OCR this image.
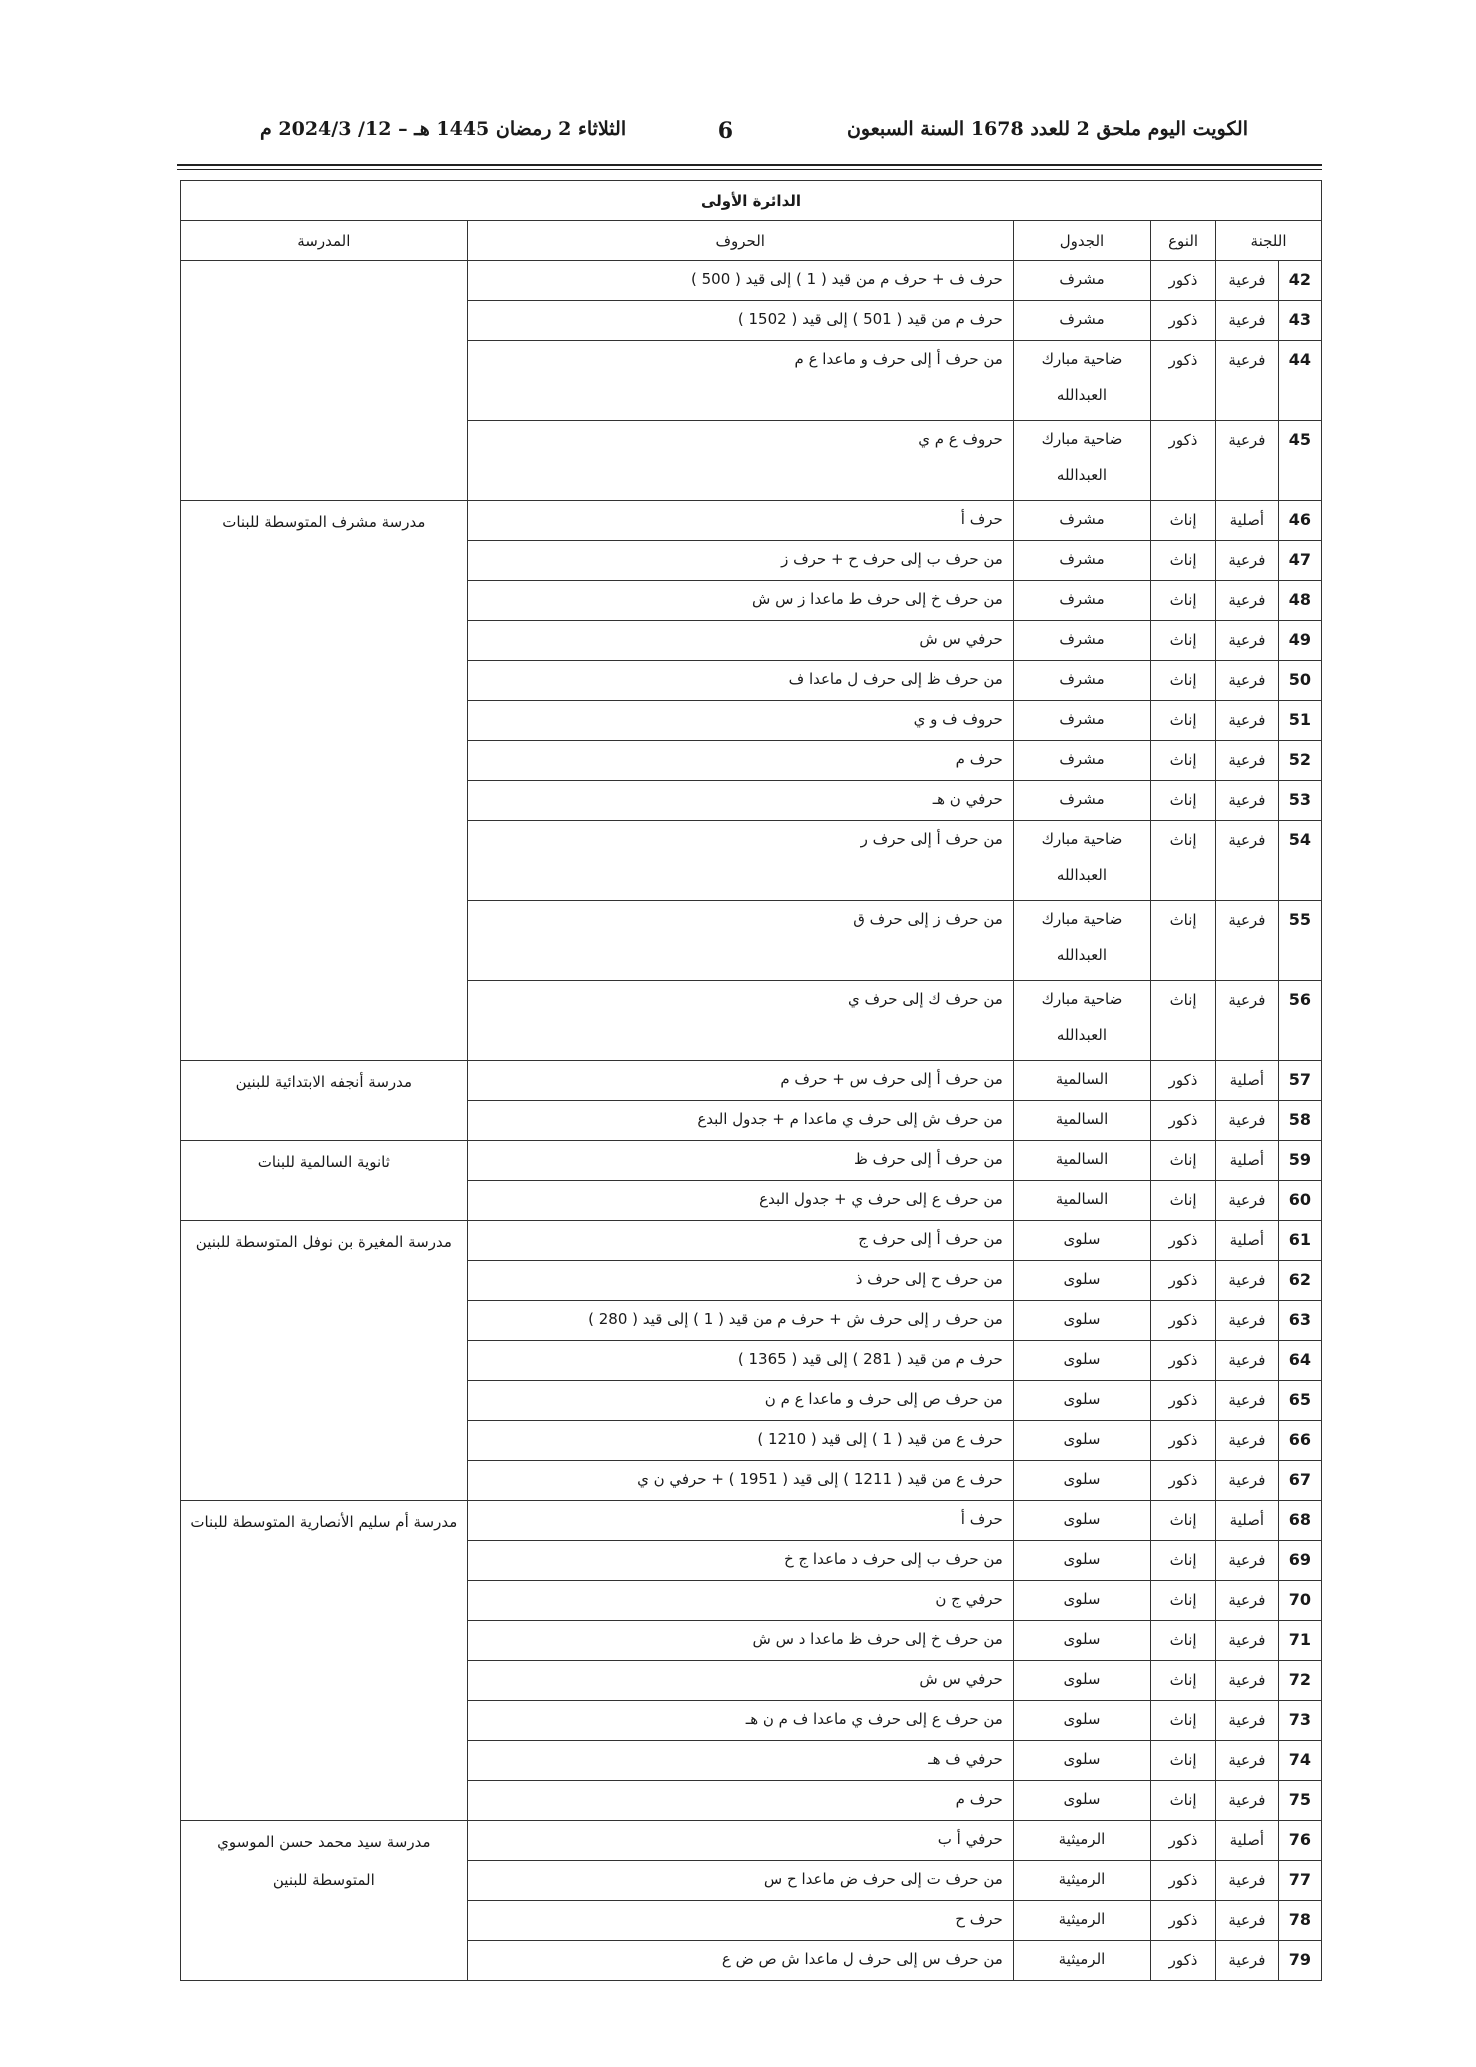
الكويت اليوم ملحق 2 للعدد 1678 السنة السبعون
6
الثلاثاء 2 رمضان 1445 هـ – 12/ 2024/3 م
الدائرة الأولى					
اللجنة		النوع	الجدول	الحروف	المدرسة
42	فرعية	ذكور	مشرف	حرف ف + حرف م من قيد ( 1 ) إلى قيد ( 500 )	
43	فرعية	ذكور	مشرف	حرف م من قيد ( 501 ) إلى قيد ( 1502 )	
44	فرعية	ذكور	ضاحية مبارك العبدالله	من حرف أ إلى حرف و ماعدا ع م	
45	فرعية	ذكور	ضاحية مبارك العبدالله	حروف ع م ي	
46	أصلية	إناث	مشرف	حرف أ	مدرسة مشرف المتوسطة للبنات
47	فرعية	إناث	مشرف	من حرف ب إلى حرف ح + حرف ز	
48	فرعية	إناث	مشرف	من حرف خ إلى حرف ط ماعدا ز س ش	
49	فرعية	إناث	مشرف	حرفي س ش	
50	فرعية	إناث	مشرف	من حرف ظ إلى حرف ل ماعدا ف	
51	فرعية	إناث	مشرف	حروف ف و ي	
52	فرعية	إناث	مشرف	حرف م	
53	فرعية	إناث	مشرف	حرفي ن هـ	
54	فرعية	إناث	ضاحية مبارك العبدالله	من حرف أ إلى حرف ر	
55	فرعية	إناث	ضاحية مبارك العبدالله	من حرف ز إلى حرف ق	
56	فرعية	إناث	ضاحية مبارك العبدالله	من حرف ك إلى حرف ي	
57	أصلية	ذكور	السالمية	من حرف أ إلى حرف س + حرف م	مدرسة أنجفه الابتدائية للبنين
58	فرعية	ذكور	السالمية	من حرف ش إلى حرف ي ماعدا م + جدول البدع	
59	أصلية	إناث	السالمية	من حرف أ إلى حرف ظ	ثانوية السالمية للبنات
60	فرعية	إناث	السالمية	من حرف ع إلى حرف ي + جدول البدع	
61	أصلية	ذكور	سلوى	من حرف أ إلى حرف ج	مدرسة المغيرة بن نوفل المتوسطة للبنين
62	فرعية	ذكور	سلوى	من حرف ح إلى حرف ذ	
63	فرعية	ذكور	سلوى	من حرف ر إلى حرف ش + حرف م من قيد ( 1 ) إلى قيد ( 280 )	
64	فرعية	ذكور	سلوى	حرف م من قيد ( 281 ) إلى قيد ( 1365 )	
65	فرعية	ذكور	سلوى	من حرف ص إلى حرف و ماعدا ع م ن	
66	فرعية	ذكور	سلوى	حرف ع من قيد ( 1 ) إلى قيد ( 1210 )	
67	فرعية	ذكور	سلوى	حرف ع من قيد ( 1211 ) إلى قيد ( 1951 ) + حرفي ن ي	
68	أصلية	إناث	سلوى	حرف أ	مدرسة أم سليم الأنصارية المتوسطة للبنات
69	فرعية	إناث	سلوى	من حرف ب إلى حرف د ماعدا ج خ	
70	فرعية	إناث	سلوى	حرفي ج ن	
71	فرعية	إناث	سلوى	من حرف خ إلى حرف ظ ماعدا د س ش	
72	فرعية	إناث	سلوى	حرفي س ش	
73	فرعية	إناث	سلوى	من حرف ع إلى حرف ي ماعدا ف م ن هـ	
74	فرعية	إناث	سلوى	حرفي ف هـ	
75	فرعية	إناث	سلوى	حرف م	
76	أصلية	ذكور	الرميثية	حرفي أ ب	مدرسة سيد محمد حسن الموسوي المتوسطة للبنين
77	فرعية	ذكور	الرميثية	من حرف ت إلى حرف ض ماعدا ح س	
78	فرعية	ذكور	الرميثية	حرف ح	
79	فرعية	ذكور	الرميثية	من حرف س إلى حرف ل ماعدا ش ص ض ع	
